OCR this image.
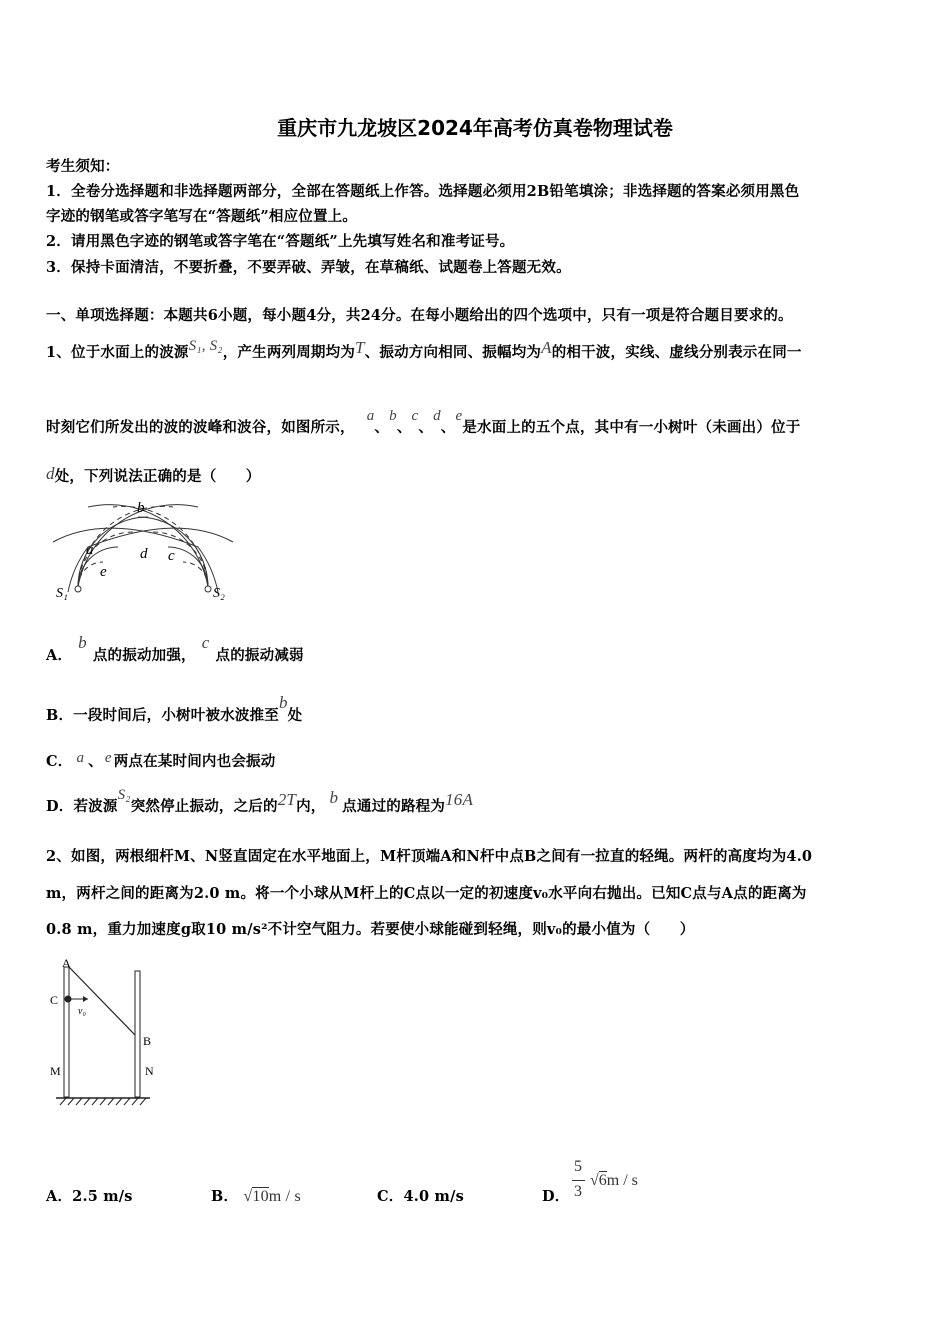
重庆市九龙坡区2024年高考仿真卷物理试卷
考生须知：
1．全卷分选择题和非选择题两部分，全部在答题纸上作答。选择题必须用2B铅笔填涂；非选择题的答案必须用黑色
字迹的钢笔或答字笔写在“答题纸”相应位置上。
2．请用黑色字迹的钢笔或答字笔在“答题纸”上先填写姓名和准考证号。
3．保持卡面清洁，不要折叠，不要弄破、弄皱，在草稿纸、试题卷上答题无效。
一、单项选择题：本题共6小题，每小题4分，共24分。在每小题给出的四个选项中，只有一项是符合题目要求的。
1、位于水面上的波源S₁, S₂，产生两列周期均为T、振动方向相同、振幅均为A的相干波，实线、虚线分别表示在同一
时刻它们所发出的波的波峰和波谷，如图所示，a、b、c、d、e是水面上的五个点，其中有一小树叶（未画出）位于
d处，下列说法正确的是（　　）
b
a	d c
e
S₁	S₂
A．b点的振动加强，c点的振动减弱
B．一段时间后，小树叶被水波推至b处
C． a 、 e 两点在某时间内也会振动
D．若波源S₂突然停止振动，之后的2T内， b 点通过的路程为16A
2、如图，两根细杆M、N竖直固定在水平地面上，M杆顶端A和N杆中点B之间有一拉直的轻绳。两杆的高度均为4.0
m，两杆之间的距离为2.0 m。将一个小球从M杆上的C点以一定的初速度v₀水平向右抛出。已知C点与A点的距离为
0.8 m，重力加速度g取10 m/s²不计空气阻力。若要使小球能碰到轻绳，则v₀的最小值为（　　）
A
C
v₀
B
M	N
A．2.5 m/s	B． √10m / s	C．4.0 m/s	D．
5
3
√6m / s
